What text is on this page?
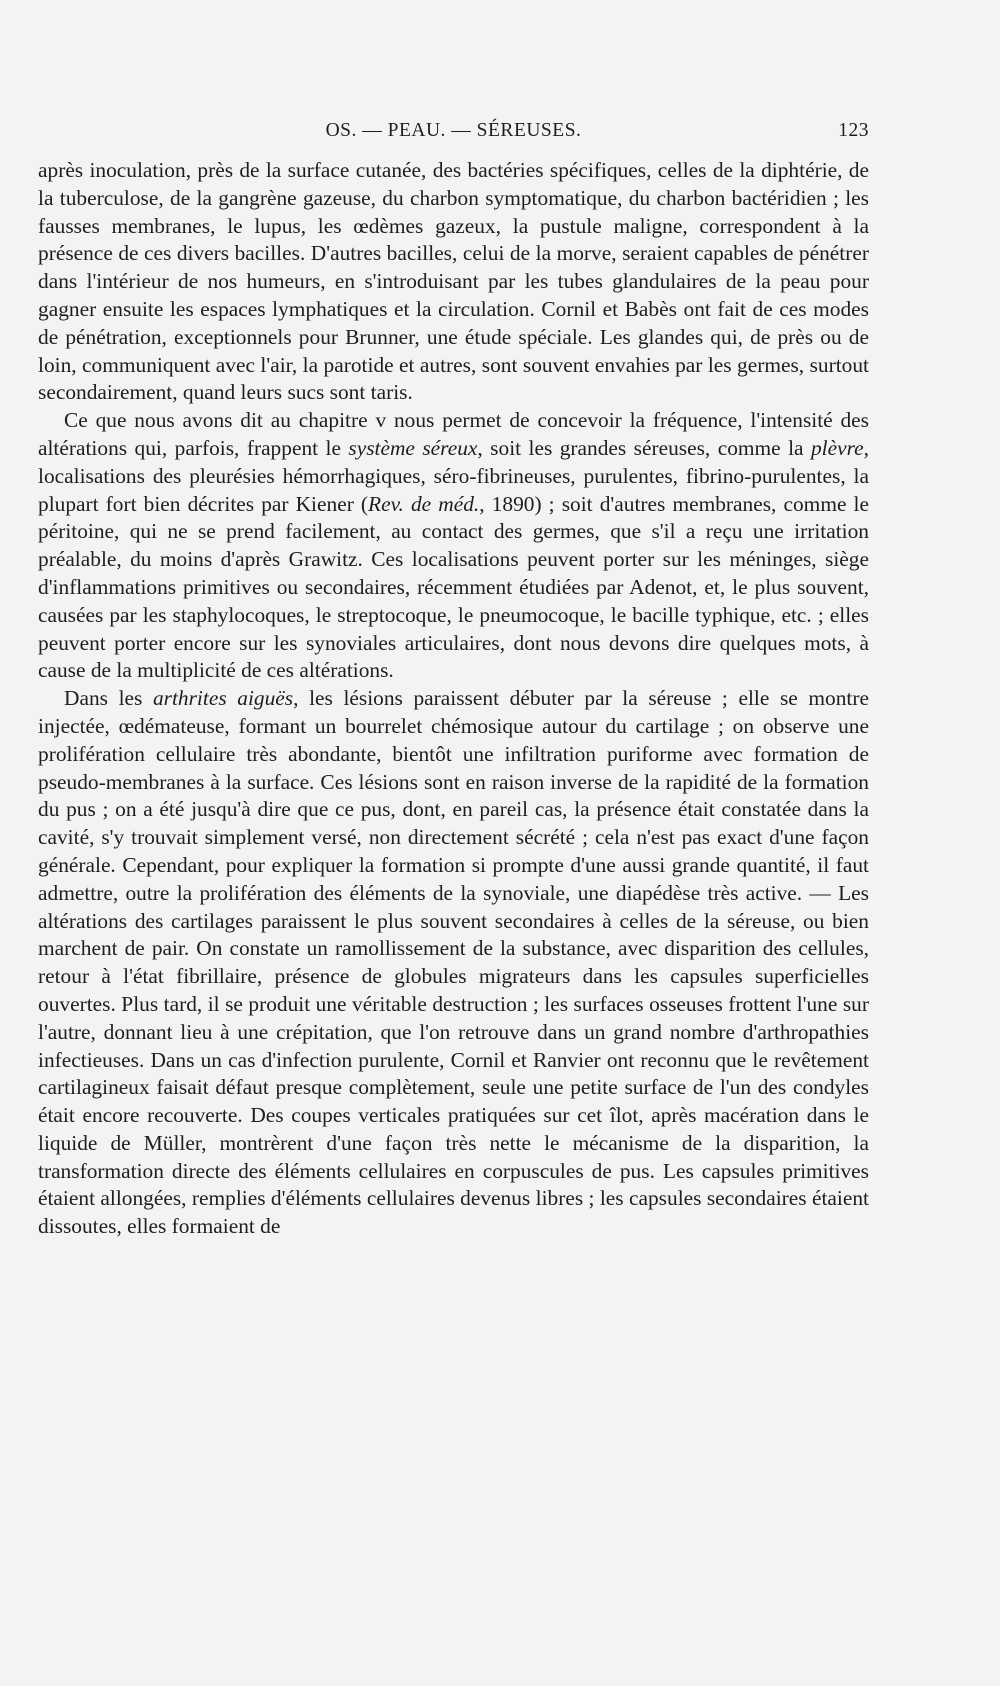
OS. — PEAU. — SÉREUSES.	123

après inoculation, près de la surface cutanée, des bactéries spécifiques, celles de la diphtérie, de la tuberculose, de la gangrène gazeuse, du charbon symptomatique, du charbon bactéridien ; les fausses membranes, le lupus, les œdèmes gazeux, la pustule maligne, correspondent à la présence de ces divers bacilles. D'autres bacilles, celui de la morve, seraient capables de pénétrer dans l'intérieur de nos humeurs, en s'introduisant par les tubes glandulaires de la peau pour gagner ensuite les espaces lymphatiques et la circulation. Cornil et Babès ont fait de ces modes de pénétration, exceptionnels pour Brunner, une étude spéciale. Les glandes qui, de près ou de loin, communiquent avec l'air, la parotide et autres, sont souvent envahies par les germes, surtout secondairement, quand leurs sucs sont taris.

Ce que nous avons dit au chapitre v nous permet de concevoir la fréquence, l'intensité des altérations qui, parfois, frappent le système séreux, soit les grandes séreuses, comme la plèvre, localisations des pleurésies hémorrhagiques, séro-fibrineuses, purulentes, fibrino-purulentes, la plupart fort bien décrites par Kiener (Rev. de méd., 1890) ; soit d'autres membranes, comme le péritoine, qui ne se prend facilement, au contact des germes, que s'il a reçu une irritation préalable, du moins d'après Grawitz. Ces localisations peuvent porter sur les méninges, siège d'inflammations primitives ou secondaires, récemment étudiées par Adenot, et, le plus souvent, causées par les staphylocoques, le streptocoque, le pneumocoque, le bacille typhique, etc. ; elles peuvent porter encore sur les synoviales articulaires, dont nous devons dire quelques mots, à cause de la multiplicité de ces altérations.

Dans les arthrites aiguës, les lésions paraissent débuter par la séreuse ; elle se montre injectée, œdémateuse, formant un bourrelet chémosique autour du cartilage ; on observe une prolifération cellulaire très abondante, bientôt une infiltration puriforme avec formation de pseudo-membranes à la surface. Ces lésions sont en raison inverse de la rapidité de la formation du pus ; on a été jusqu'à dire que ce pus, dont, en pareil cas, la présence était constatée dans la cavité, s'y trouvait simplement versé, non directement sécrété ; cela n'est pas exact d'une façon générale. Cependant, pour expliquer la formation si prompte d'une aussi grande quantité, il faut admettre, outre la prolifération des éléments de la synoviale, une diapédèse très active. — Les altérations des cartilages paraissent le plus souvent secondaires à celles de la séreuse, ou bien marchent de pair. On constate un ramollissement de la substance, avec disparition des cellules, retour à l'état fibrillaire, présence de globules migrateurs dans les capsules superficielles ouvertes. Plus tard, il se produit une véritable destruction ; les surfaces osseuses frottent l'une sur l'autre, donnant lieu à une crépitation, que l'on retrouve dans un grand nombre d'arthropathies infectieuses. Dans un cas d'infection purulente, Cornil et Ranvier ont reconnu que le revêtement cartilagineux faisait défaut presque complètement, seule une petite surface de l'un des condyles était encore recouverte. Des coupes verticales pratiquées sur cet îlot, après macération dans le liquide de Müller, montrèrent d'une façon très nette le mécanisme de la disparition, la transformation directe des éléments cellulaires en corpuscules de pus. Les capsules primitives étaient allongées, remplies d'éléments cellulaires devenus libres ; les capsules secondaires étaient dissoutes, elles formaient de
